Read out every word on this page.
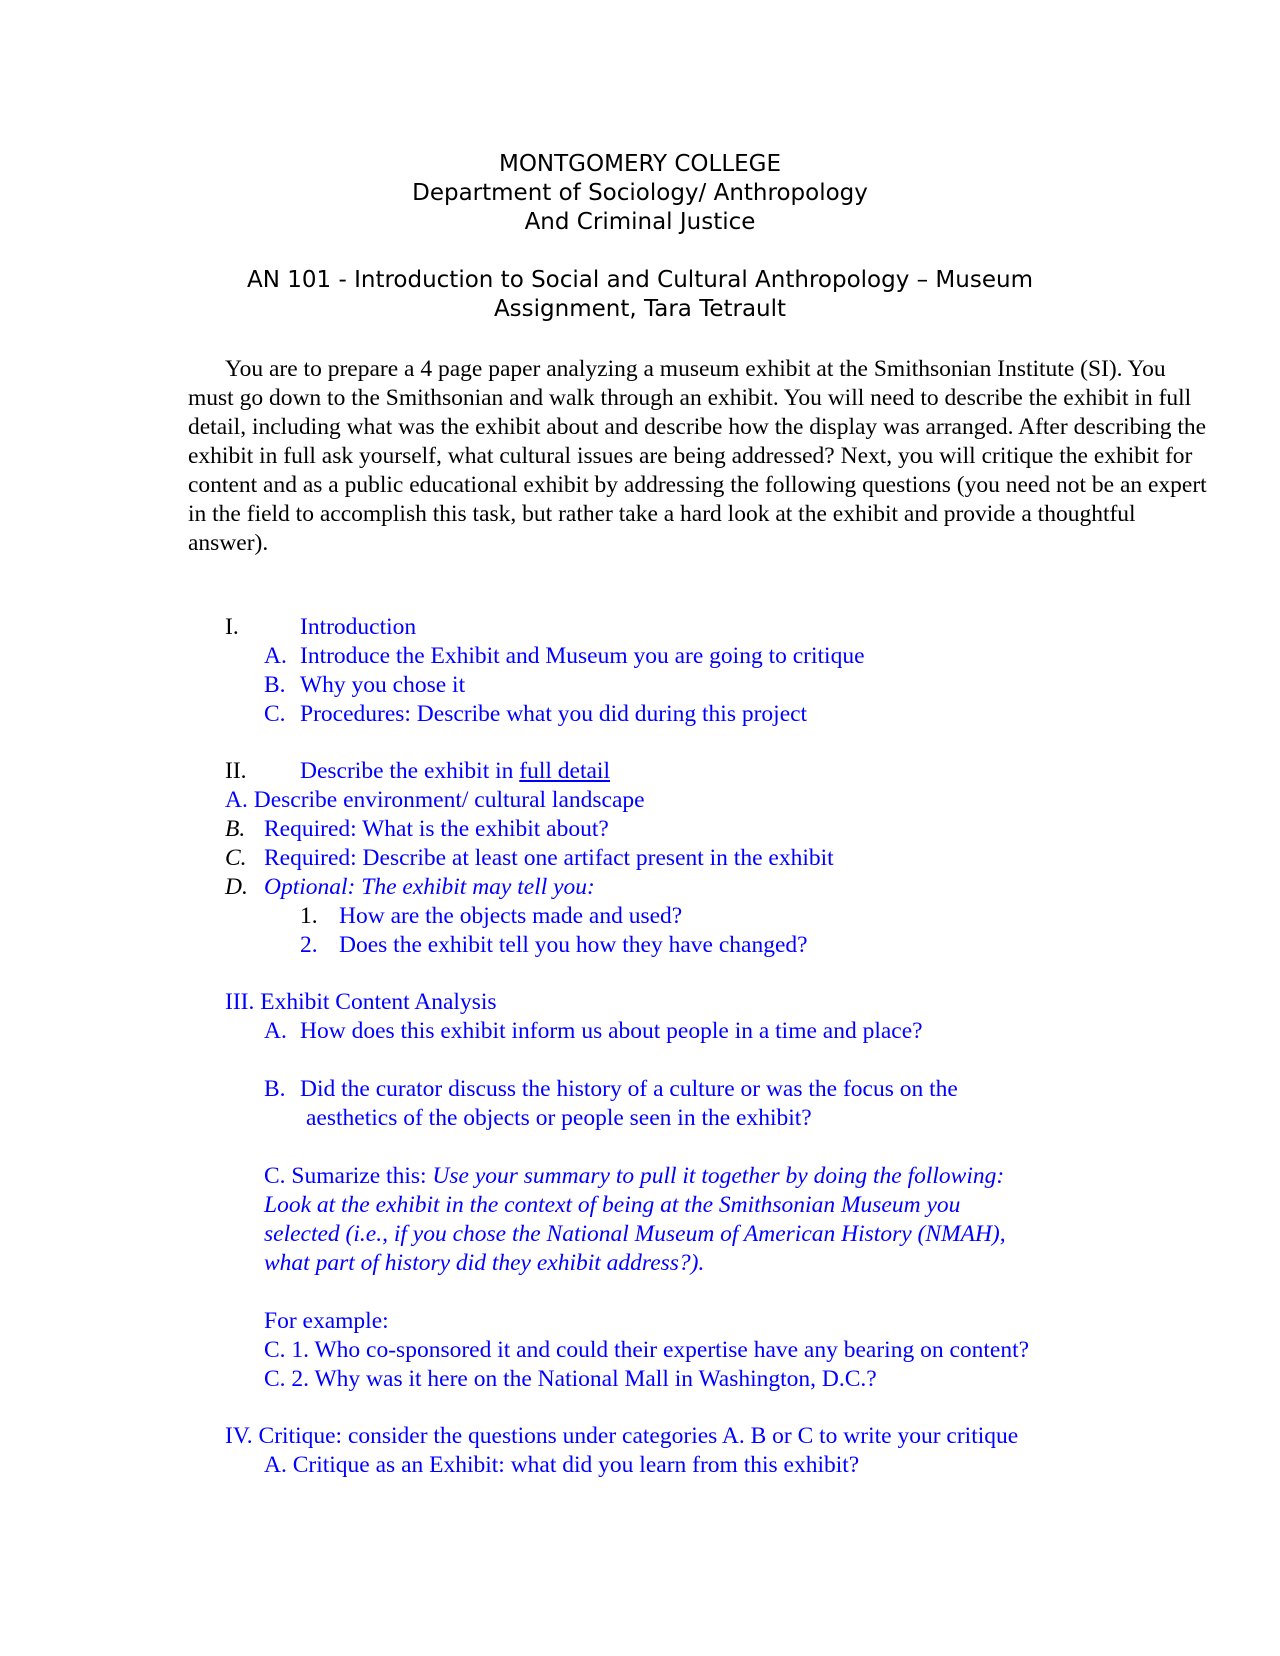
MONTGOMERY COLLEGE
Department of Sociology/ Anthropology
And Criminal Justice
AN 101 - Introduction to Social and Cultural Anthropology – Museum
Assignment, Tara Tetrault

You are to prepare a 4 page paper analyzing a museum exhibit at the Smithsonian Institute (SI). You must go down to the Smithsonian and walk through an exhibit. You will need to describe the exhibit in full detail, including what was the exhibit about and describe how the display was arranged. After describing the exhibit in full ask yourself, what cultural issues are being addressed? Next, you will critique the exhibit for content and as a public educational exhibit by addressing the following questions (you need not be an expert in the field to accomplish this task, but rather take a hard look at the exhibit and provide a thoughtful answer).

I.	Introduction
A. Introduce the Exhibit and Museum you are going to critique
B. Why you chose it
C. Procedures: Describe what you did during this project
II. Describe the exhibit in full detail
A. Describe environment/ cultural landscape
B. Required: What is the exhibit about?
C. Required: Describe at least one artifact present in the exhibit
D. Optional: The exhibit may tell you:
1. How are the objects made and used?
2. Does the exhibit tell you how they have changed?
III. Exhibit Content Analysis
A. How does this exhibit inform us about people in a time and place?
B. Did the curator discuss the history of a culture or was the focus on the
aesthetics of the objects or people seen in the exhibit?
C. Sumarize this: Use your summary to pull it together by doing the following:
Look at the exhibit in the context of being at the Smithsonian Museum you
selected (i.e., if you chose the National Museum of American History (NMAH),
what part of history did they exhibit address?).
For example:
C. 1. Who co-sponsored it and could their expertise have any bearing on content?
C. 2. Why was it here on the National Mall in Washington, D.C.?
IV. Critique: consider the questions under categories A. B or C to write your critique
A. Critique as an Exhibit: what did you learn from this exhibit?
